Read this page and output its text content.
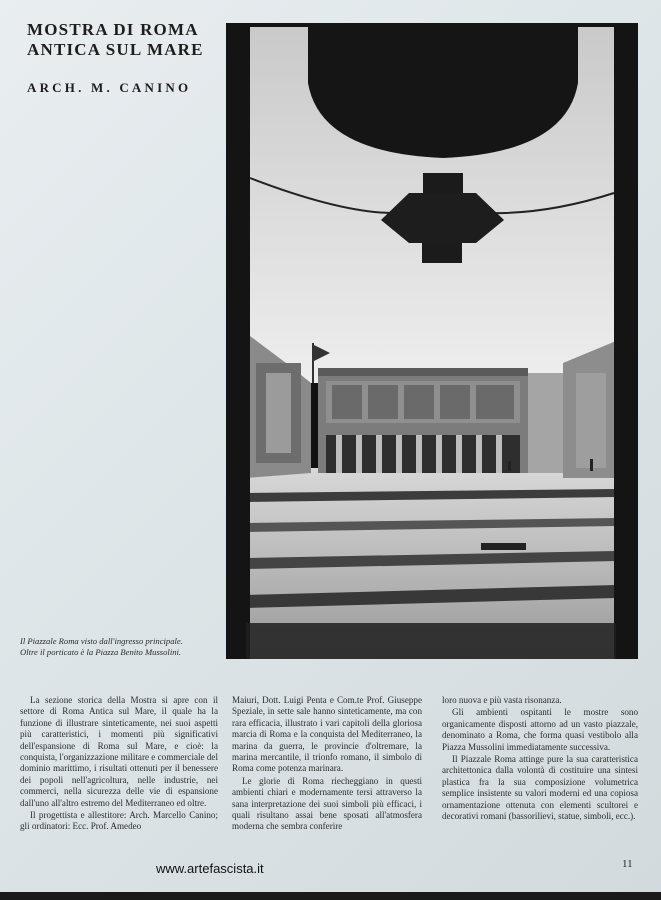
MOSTRA DI ROMA
ANTICA SUL MARE
ARCH. M. CANINO
Il Piazzale Roma visto dall'ingresso principale.
Oltre il porticato è la Piazza Benito Mussolini.

La sezione storica della Mostra si apre con il settore di Roma Antica sul Mare, il quale ha la funzione di illustrare sinteticamente, nei suoi aspetti più caratteristici, i momenti più significativi dell'espansione di Roma sul Mare, e cioè: la conquista, l'organizzazione militare e commerciale del dominio marittimo, i risultati ottenuti per il benessere dei popoli nell'agricoltura, nelle industrie, nei commerci, nella sicurezza delle vie di espansione dall'uno all'altro estremo del Mediterraneo ed oltre.

Il progettista e allestitore: Arch. Marcello Canino; gli ordinatori: Ecc. Prof. Amedeo

Maiuri, Dott. Luigi Penta e Com.te Prof. Giuseppe Speziale, in sette sale hanno sinteticamente, ma con rara efficacia, illustrato i vari capitoli della gloriosa marcia di Roma e la conquista del Mediterraneo, la marina da guerra, le provincie d'oltremare, la marina mercantile, il trionfo romano, il simbolo di Roma come potenza marinara.

Le glorie di Roma riecheggiano in questi ambienti chiari e modernamente tersi attraverso la sana interpretazione dei suoi simboli più efficaci, i quali risultano assai bene sposati all'atmosfera moderna che sembra conferire

loro nuova e più vasta risonanza.

Gli ambienti ospitanti le mostre sono organicamente disposti attorno ad un vasto piazzale, denominato a Roma, che forma quasi vestibolo alla Piazza Mussolini immediatamente successiva.

Il Piazzale Roma attinge pure la sua caratteristica architettonica dalla volontà di costituire una sintesi plastica fra la sua composizione volumetrica semplice insistente su valori moderni ed una copiosa ornamentazione ottenuta con elementi scultorei e decorativi romani (bassorilievi, statue, simboli, ecc.).

www.artefascista.it	11
